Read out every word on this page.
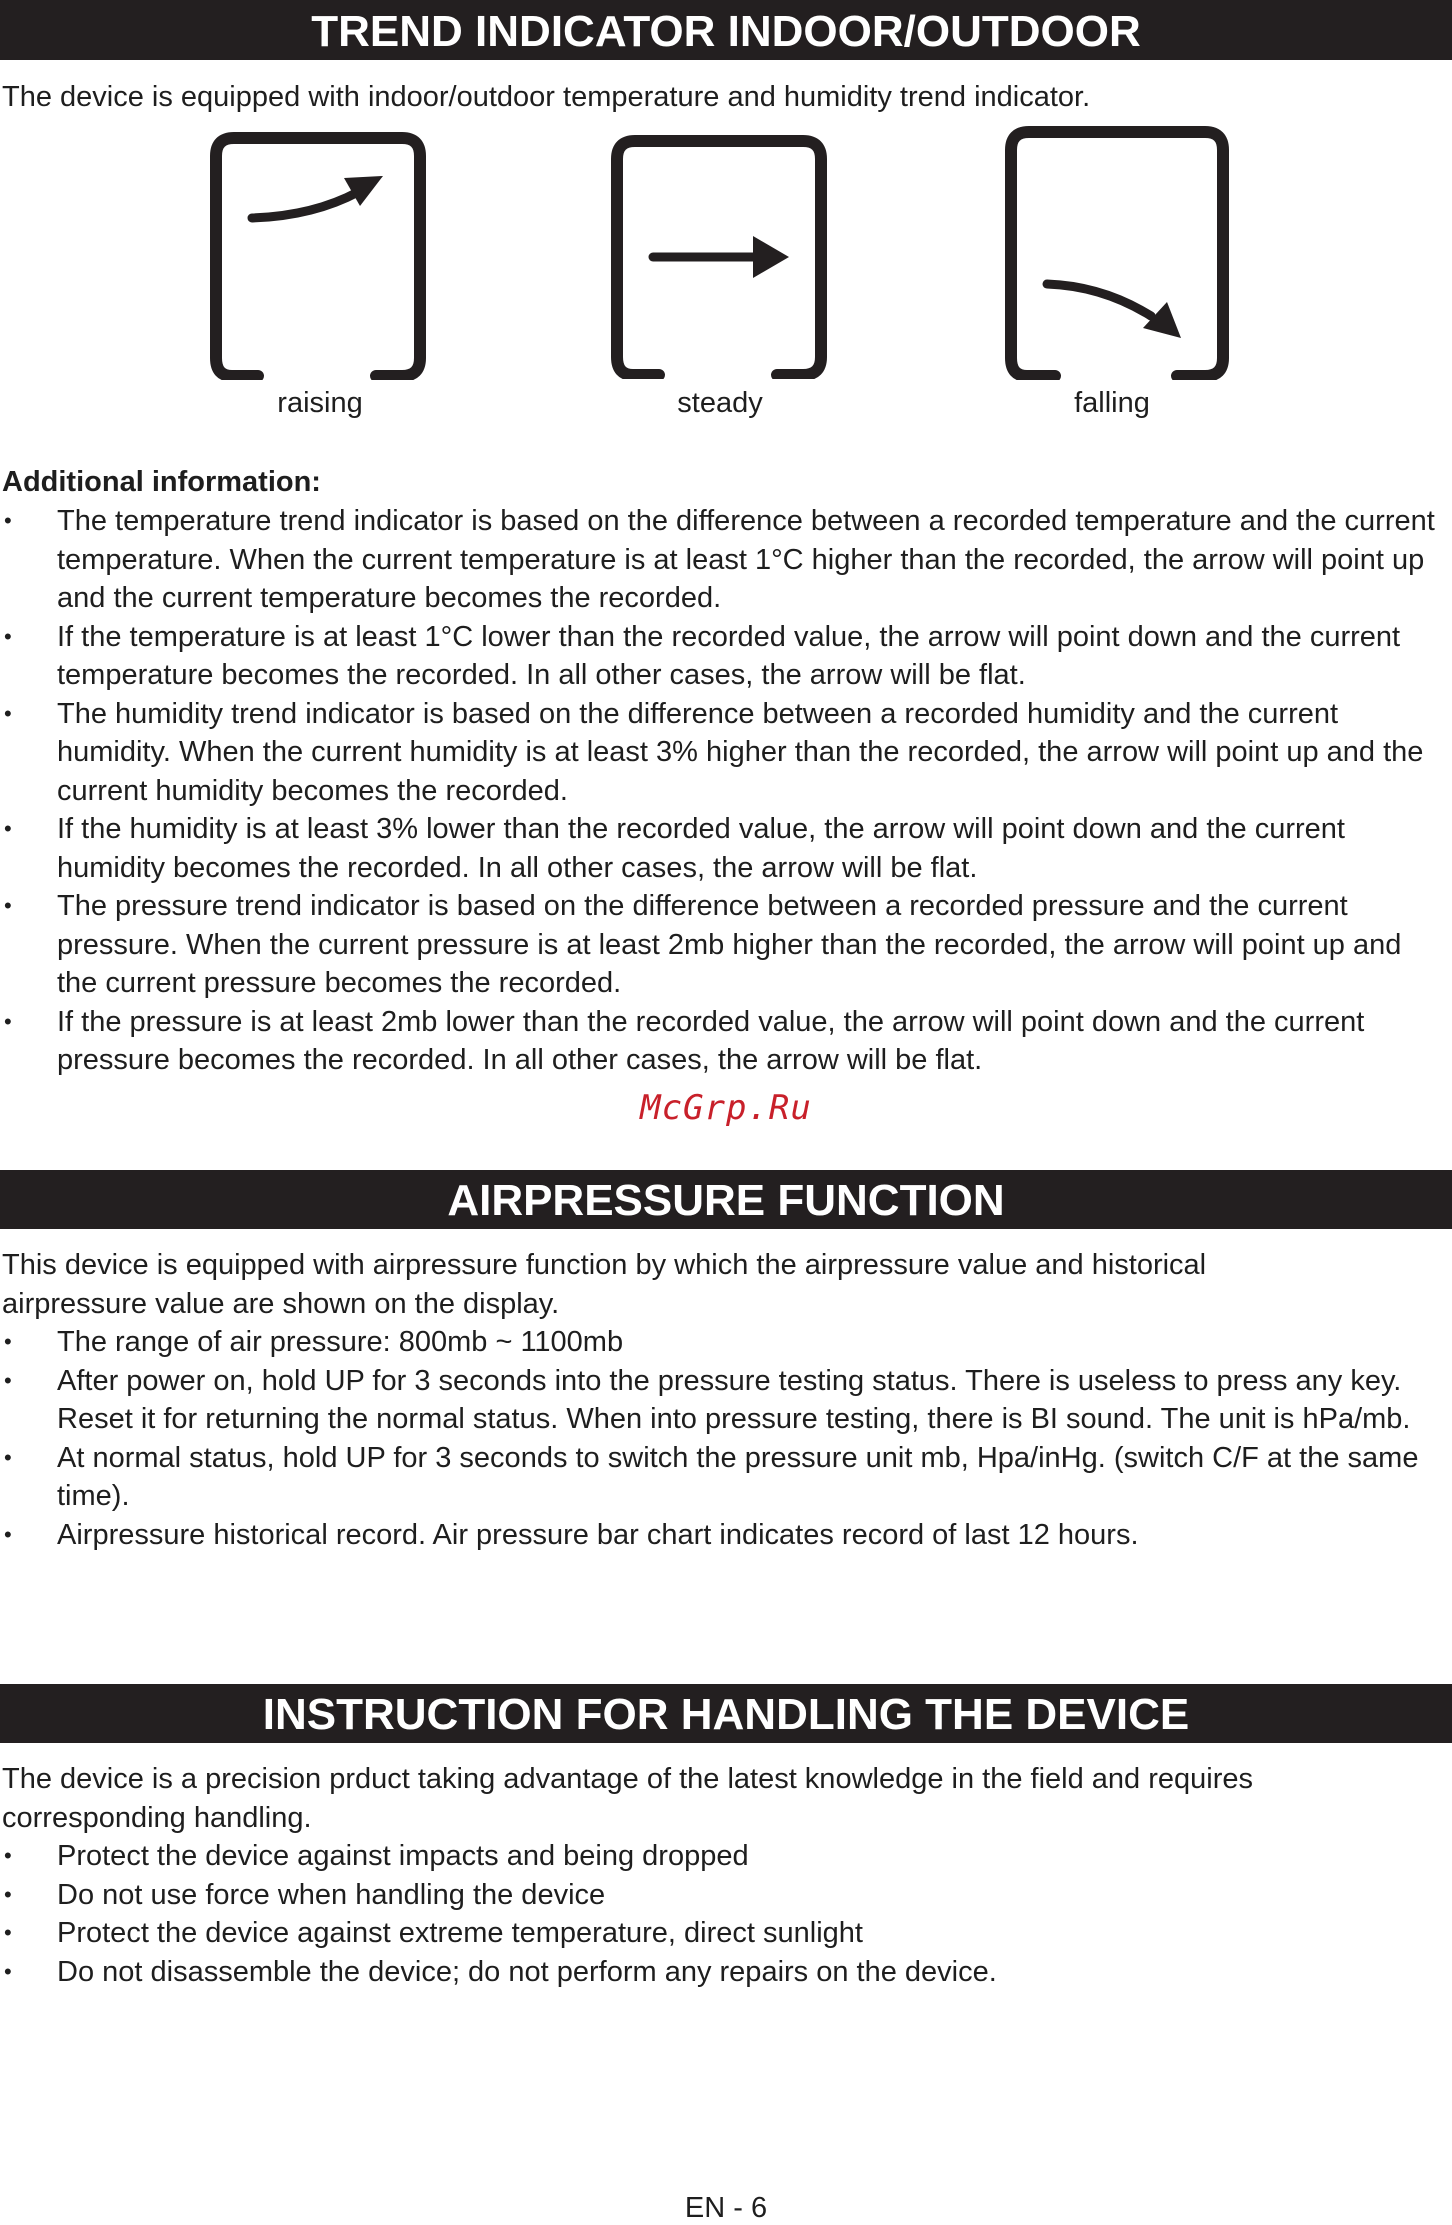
TREND INDICATOR INDOOR/OUTDOOR

The device is equipped with indoor/outdoor temperature and humidity trend indicator.

raising	steady	falling

Additional information:

• The temperature trend indicator is based on the difference between a recorded temperature and the current temperature. When the current temperature is at least 1°C higher than the recorded, the arrow will point up and the current temperature becomes the recorded.
• If the temperature is at least 1°C lower than the recorded value, the arrow will point down and the current temperature becomes the recorded. In all other cases, the arrow will be flat.
• The humidity trend indicator is based on the difference between a recorded humidity and the current humidity. When the current humidity is at least 3% higher than the recorded, the arrow will point up and the current humidity becomes the recorded.
• If the humidity is at least 3% lower than the recorded value, the arrow will point down and the current humidity becomes the recorded. In all other cases, the arrow will be flat.
• The pressure trend indicator is based on the difference between a recorded pressure and the current pressure. When the current pressure is at least 2mb higher than the recorded, the arrow will point up and the current pressure becomes the recorded.
• If the pressure is at least 2mb lower than the recorded value, the arrow will point down and the current pressure becomes the recorded. In all other cases, the arrow will be flat.
McGrp.Ru
AIRPRESSURE FUNCTION

This device is equipped with airpressure function by which the airpressure value and historical airpressure value are shown on the display.

• The range of air pressure: 800mb ~ 1100mb
• After power on, hold UP for 3 seconds into the pressure testing status. There is useless to press any key. Reset it for returning the normal status. When into pressure testing, there is BI sound. The unit is hPa/mb.
• At normal status, hold UP for 3 seconds to switch the pressure unit mb, Hpa/inHg. (switch C/F at the same time).
• Airpressure historical record. Air pressure bar chart indicates record of last 12 hours.
INSTRUCTION FOR HANDLING THE DEVICE

The device is a precision prduct taking advantage of the latest knowledge in the field and requires corresponding handling.

• Protect the device against impacts and being dropped
• Do not use force when handling the device
• Protect the device against extreme temperature, direct sunlight
• Do not disassemble the device; do not perform any repairs on the device.
EN - 6
